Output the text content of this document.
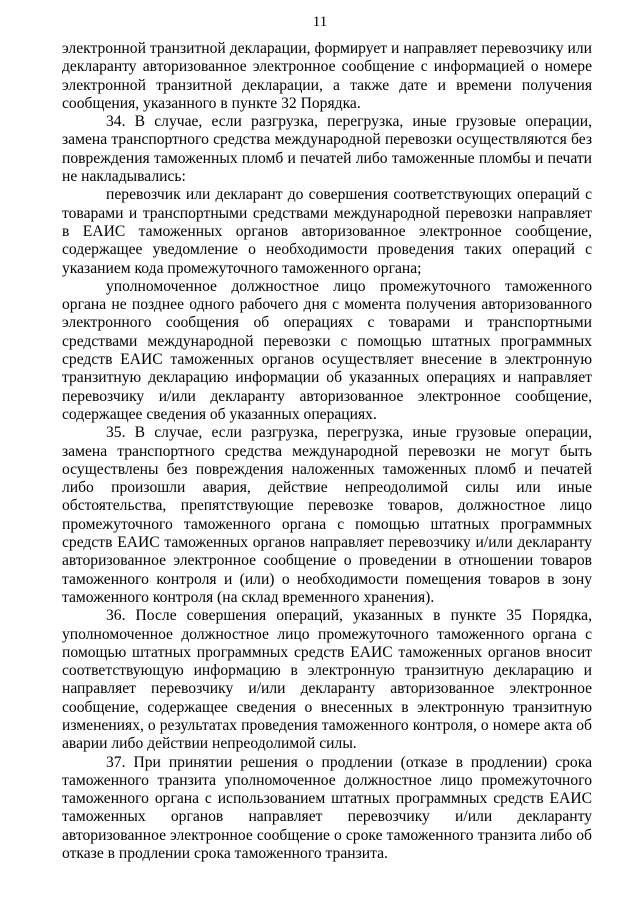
11

электронной транзитной декларации, формирует и направляет перевозчику или декларанту авторизованное электронное сообщение с информацией о номере электронной транзитной декларации, а также дате и времени получения сообщения, указанного в пункте 32 Порядка.

34. В случае, если разгрузка, перегрузка, иные грузовые операции, замена транспортного средства международной перевозки осуществляются без повреждения таможенных пломб и печатей либо таможенные пломбы и печати не накладывались:

перевозчик или декларант до совершения соответствующих операций с товарами и транспортными средствами международной перевозки направляет в ЕАИС таможенных органов авторизованное электронное сообщение, содержащее уведомление о необходимости проведения таких операций с указанием кода промежуточного таможенного органа;

уполномоченное должностное лицо промежуточного таможенного органа не позднее одного рабочего дня с момента получения авторизованного электронного сообщения об операциях с товарами и транспортными средствами международной перевозки с помощью штатных программных средств ЕАИС таможенных органов осуществляет внесение в электронную транзитную декларацию информации об указанных операциях и направляет перевозчику и/или декларанту авторизованное электронное сообщение, содержащее сведения об указанных операциях.

35. В случае, если разгрузка, перегрузка, иные грузовые операции, замена транспортного средства международной перевозки не могут быть осуществлены без повреждения наложенных таможенных пломб и печатей либо произошли авария, действие непреодолимой силы или иные обстоятельства, препятствующие перевозке товаров, должностное лицо промежуточного таможенного органа с помощью штатных программных средств ЕАИС таможенных органов направляет перевозчику и/или декларанту авторизованное электронное сообщение о проведении в отношении товаров таможенного контроля и (или) о необходимости помещения товаров в зону таможенного контроля (на склад временного хранения).

36. После совершения операций, указанных в пункте 35 Порядка, уполномоченное должностное лицо промежуточного таможенного органа с помощью штатных программных средств ЕАИС таможенных органов вносит соответствующую информацию в электронную транзитную декларацию и направляет перевозчику и/или декларанту авторизованное электронное сообщение, содержащее сведения о внесенных в электронную транзитную изменениях, о результатах проведения таможенного контроля, о номере акта об аварии либо действии непреодолимой силы.

37. При принятии решения о продлении (отказе в продлении) срока таможенного транзита уполномоченное должностное лицо промежуточного таможенного органа с использованием штатных программных средств ЕАИС таможенных органов направляет перевозчику и/или декларанту авторизованное электронное сообщение о сроке таможенного транзита либо об отказе в продлении срока таможенного транзита.
